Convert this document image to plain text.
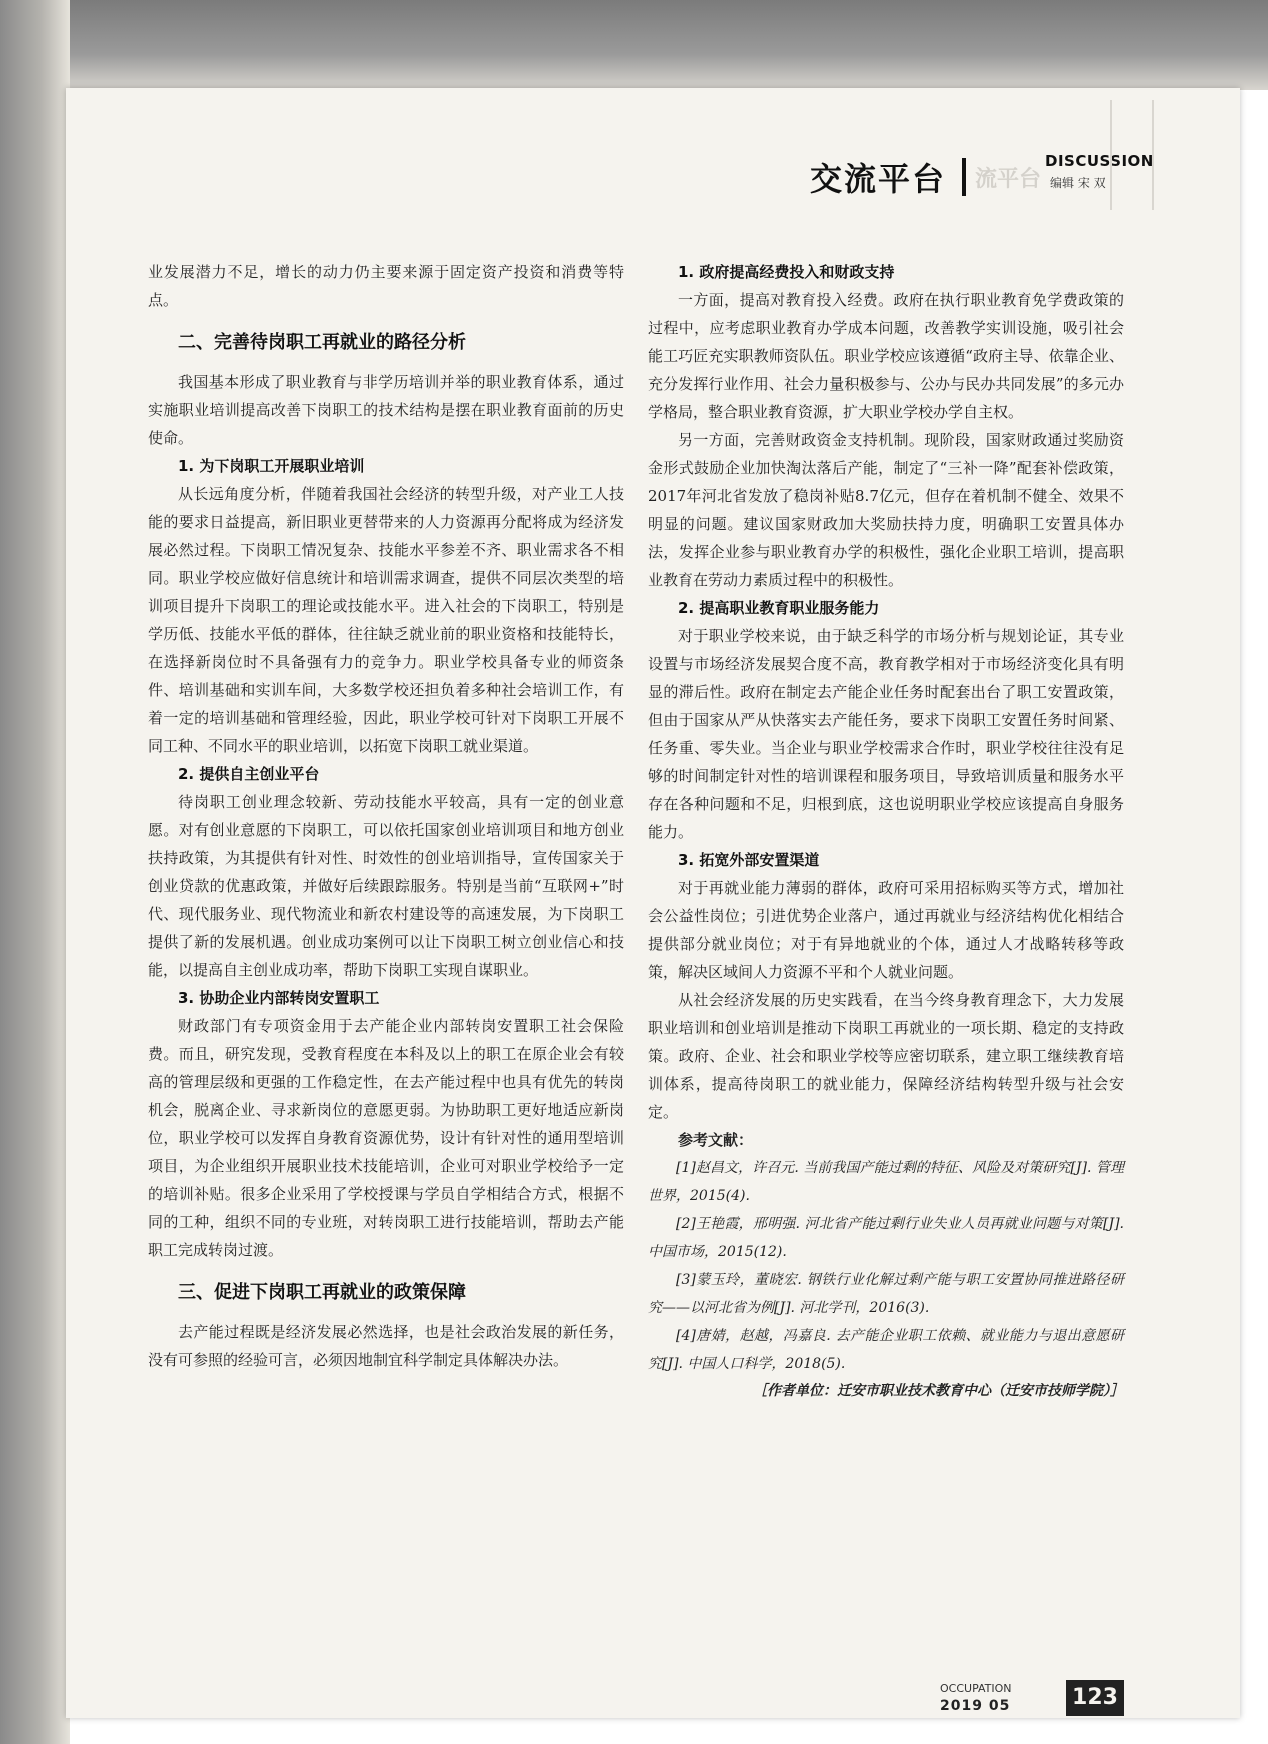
交流平台 流平台
DISCUSSION
编辑 宋 双

业发展潜力不足，增长的动力仍主要来源于固定资产投资和消费等特点。

二、完善待岗职工再就业的路径分析

我国基本形成了职业教育与非学历培训并举的职业教育体系，通过实施职业培训提高改善下岗职工的技术结构是摆在职业教育面前的历史使命。

1. 为下岗职工开展职业培训

从长远角度分析，伴随着我国社会经济的转型升级，对产业工人技能的要求日益提高，新旧职业更替带来的人力资源再分配将成为经济发展必然过程。下岗职工情况复杂、技能水平参差不齐、职业需求各不相同。职业学校应做好信息统计和培训需求调查，提供不同层次类型的培训项目提升下岗职工的理论或技能水平。进入社会的下岗职工，特别是学历低、技能水平低的群体，往往缺乏就业前的职业资格和技能特长，在选择新岗位时不具备强有力的竞争力。职业学校具备专业的师资条件、培训基础和实训车间，大多数学校还担负着多种社会培训工作，有着一定的培训基础和管理经验，因此，职业学校可针对下岗职工开展不同工种、不同水平的职业培训，以拓宽下岗职工就业渠道。

2. 提供自主创业平台

待岗职工创业理念较新、劳动技能水平较高，具有一定的创业意愿。对有创业意愿的下岗职工，可以依托国家创业培训项目和地方创业扶持政策，为其提供有针对性、时效性的创业培训指导，宣传国家关于创业贷款的优惠政策，并做好后续跟踪服务。特别是当前“互联网+”时代、现代服务业、现代物流业和新农村建设等的高速发展，为下岗职工提供了新的发展机遇。创业成功案例可以让下岗职工树立创业信心和技能，以提高自主创业成功率，帮助下岗职工实现自谋职业。

3. 协助企业内部转岗安置职工

财政部门有专项资金用于去产能企业内部转岗安置职工社会保险费。而且，研究发现，受教育程度在本科及以上的职工在原企业会有较高的管理层级和更强的工作稳定性，在去产能过程中也具有优先的转岗机会，脱离企业、寻求新岗位的意愿更弱。为协助职工更好地适应新岗位，职业学校可以发挥自身教育资源优势，设计有针对性的通用型培训项目，为企业组织开展职业技术技能培训，企业可对职业学校给予一定的培训补贴。很多企业采用了学校授课与学员自学相结合方式，根据不同的工种，组织不同的专业班，对转岗职工进行技能培训，帮助去产能职工完成转岗过渡。

三、促进下岗职工再就业的政策保障

去产能过程既是经济发展必然选择，也是社会政治发展的新任务，没有可参照的经验可言，必须因地制宜科学制定具体解决办法。

1. 政府提高经费投入和财政支持

一方面，提高对教育投入经费。政府在执行职业教育免学费政策的过程中，应考虑职业教育办学成本问题，改善教学实训设施，吸引社会能工巧匠充实职教师资队伍。职业学校应该遵循“政府主导、依靠企业、充分发挥行业作用、社会力量积极参与、公办与民办共同发展”的多元办学格局，整合职业教育资源，扩大职业学校办学自主权。

另一方面，完善财政资金支持机制。现阶段，国家财政通过奖励资金形式鼓励企业加快淘汰落后产能，制定了“三补一降”配套补偿政策，2017年河北省发放了稳岗补贴8.7亿元，但存在着机制不健全、效果不明显的问题。建议国家财政加大奖励扶持力度，明确职工安置具体办法，发挥企业参与职业教育办学的积极性，强化企业职工培训，提高职业教育在劳动力素质过程中的积极性。

2. 提高职业教育职业服务能力

对于职业学校来说，由于缺乏科学的市场分析与规划论证，其专业设置与市场经济发展契合度不高，教育教学相对于市场经济变化具有明显的滞后性。政府在制定去产能企业任务时配套出台了职工安置政策，但由于国家从严从快落实去产能任务，要求下岗职工安置任务时间紧、任务重、零失业。当企业与职业学校需求合作时，职业学校往往没有足够的时间制定针对性的培训课程和服务项目，导致培训质量和服务水平存在各种问题和不足，归根到底，这也说明职业学校应该提高自身服务能力。

3. 拓宽外部安置渠道

对于再就业能力薄弱的群体，政府可采用招标购买等方式，增加社会公益性岗位；引进优势企业落户，通过再就业与经济结构优化相结合提供部分就业岗位；对于有异地就业的个体，通过人才战略转移等政策，解决区域间人力资源不平和个人就业问题。

从社会经济发展的历史实践看，在当今终身教育理念下，大力发展职业培训和创业培训是推动下岗职工再就业的一项长期、稳定的支持政策。政府、企业、社会和职业学校等应密切联系，建立职工继续教育培训体系，提高待岗职工的就业能力，保障经济结构转型升级与社会安定。

参考文献：

[1]赵昌文，许召元. 当前我国产能过剩的特征、风险及对策研究[J]. 管理世界，2015(4).

[2]王艳霞，邢明强. 河北省产能过剩行业失业人员再就业问题与对策[J]. 中国市场，2015(12).

[3]蒙玉玲，董晓宏. 钢铁行业化解过剩产能与职工安置协同推进路径研究——以河北省为例[J]. 河北学刊，2016(3).

[4]唐婧，赵越，冯嘉良. 去产能企业职工依赖、就业能力与退出意愿研究[J]. 中国人口科学，2018(5).

［作者单位：迁安市职业技术教育中心（迁安市技师学院）］

OCCUPATION
2019 05	123
